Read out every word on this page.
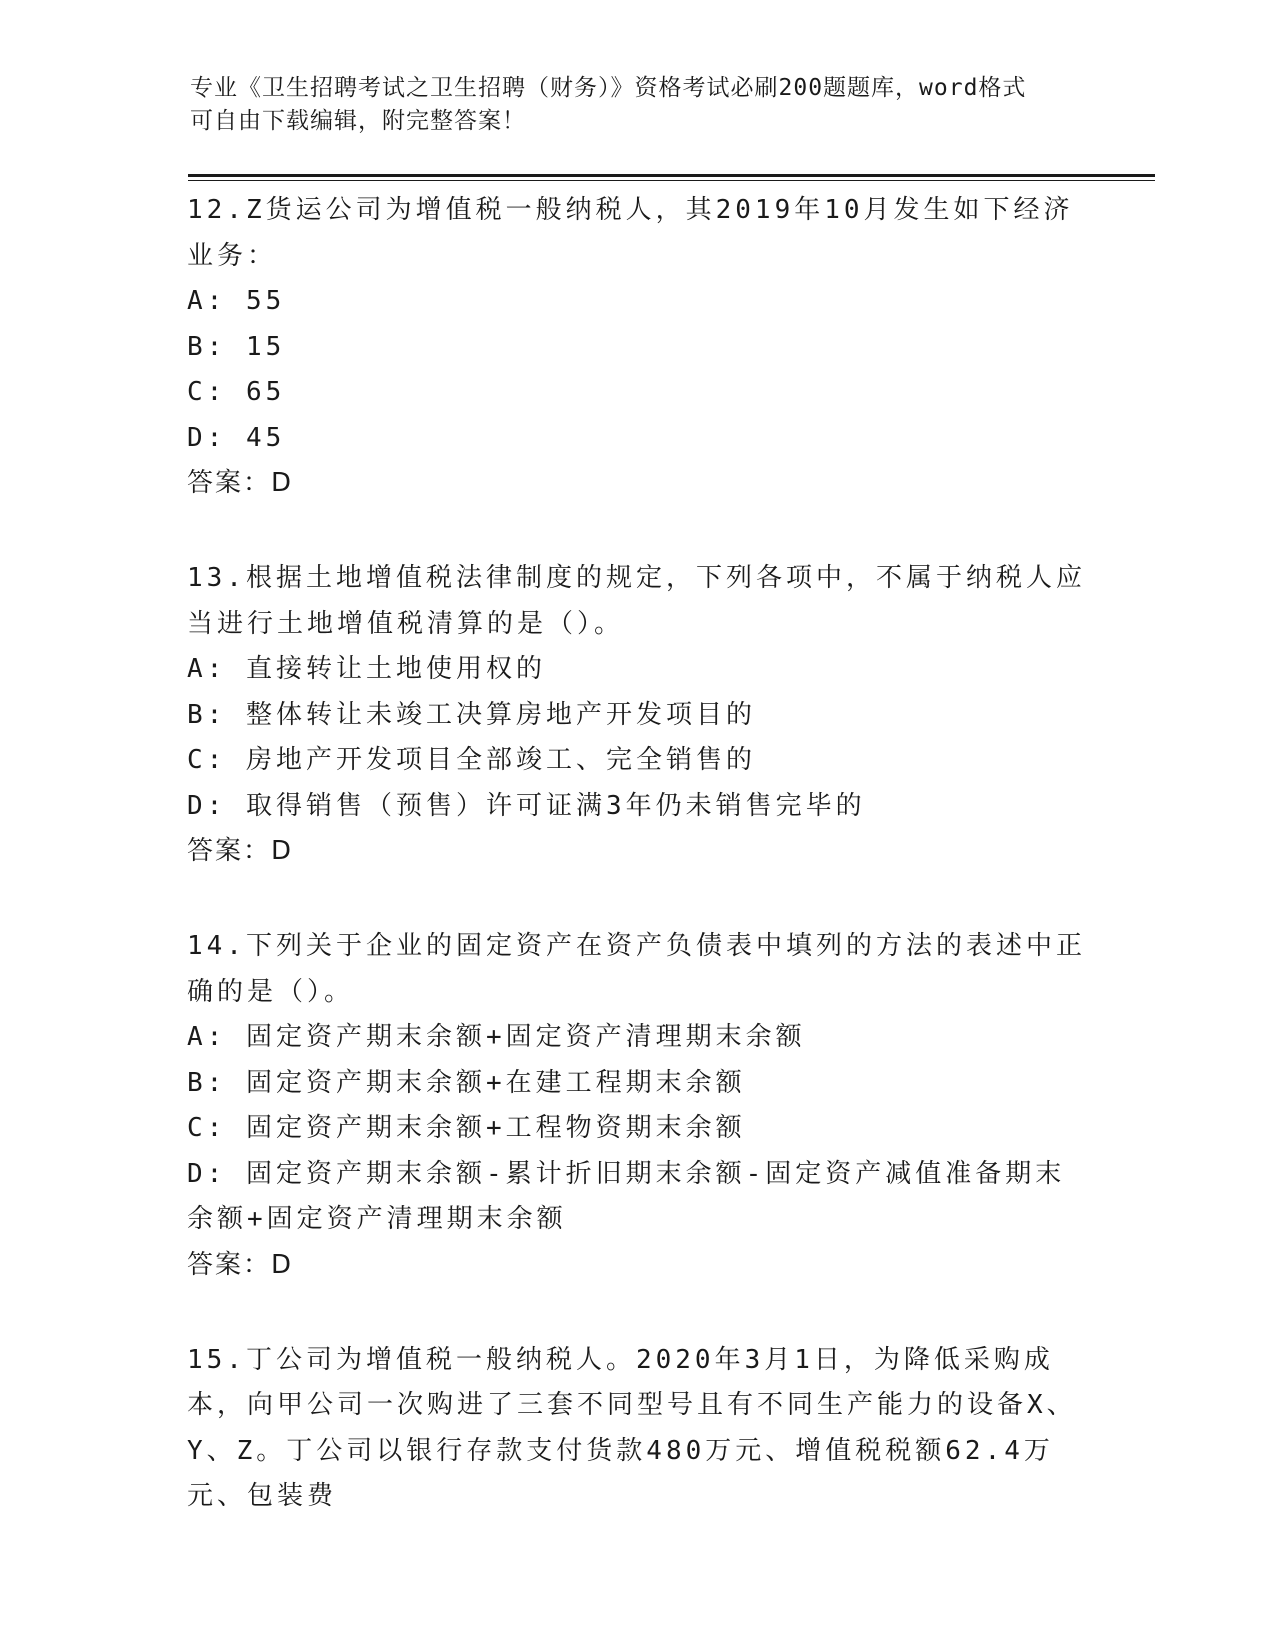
专业《卫生招聘考试之卫生招聘（财务）》资格考试必刷200题题库，word格式
可自由下载编辑，附完整答案！

12.Z货运公司为增值税一般纳税人，其2019年10月发生如下经济业务：

A: 55

B: 15

C: 65

D: 45

答案：D

13.根据土地增值税法律制度的规定，下列各项中，不属于纳税人应当进行土地增值税清算的是（）。

A: 直接转让土地使用权的

B: 整体转让未竣工决算房地产开发项目的

C: 房地产开发项目全部竣工、完全销售的

D: 取得销售（预售）许可证满3年仍未销售完毕的

答案：D

14.下列关于企业的固定资产在资产负债表中填列的方法的表述中正确的是（）。

A: 固定资产期末余额+固定资产清理期末余额

B: 固定资产期末余额+在建工程期末余额

C: 固定资产期末余额+工程物资期末余额

D: 固定资产期末余额-累计折旧期末余额-固定资产减值准备期末余额+固定资产清理期末余额

答案：D

15.丁公司为增值税一般纳税人。2020年3月1日，为降低采购成本，向甲公司一次购进了三套不同型号且有不同生产能力的设备X、Y、Z。丁公司以银行存款支付货款480万元、增值税税额62.4万元、包装费
